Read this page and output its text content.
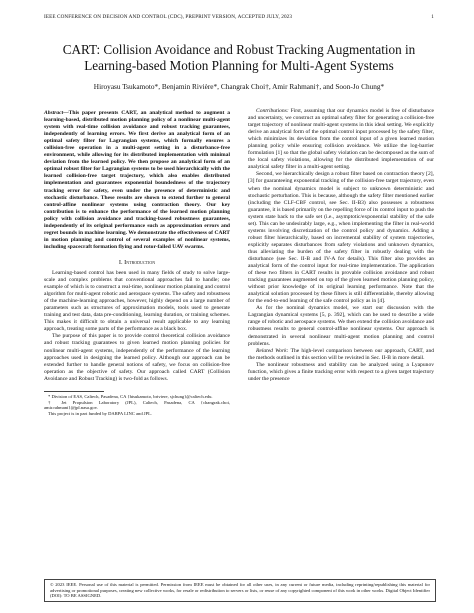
IEEE CONFERENCE ON DECISION AND CONTROL (CDC), PREPRINT VERSION, ACCEPTED JULY, 2023	1
CART: Collision Avoidance and Robust Tracking Augmentation in
Learning-based Motion Planning for Multi-Agent Systems
Hiroyasu Tsukamoto*, Benjamin Rivière*, Changrak Choi†, Amir Rahmani†, and Soon-Jo Chung*

Abstract—This paper presents CART, an analytical method to augment a learning-based, distributed motion planning policy of a nonlinear multi-agent system with real-time collision avoidance and robust tracking guarantees, independently of learning errors. We first derive an analytical form of an optimal safety filter for Lagrangian systems, which formally ensures a collision-free operation in a multi-agent setting in a disturbance-free environment, while allowing for its distributed implementation with minimal deviation from the learned policy. We then propose an analytical form of an optimal robust filter for Lagrangian systems to be used hierarchically with the learned collision-free target trajectory, which also enables distributed implementation and guarantees exponential boundedness of the trajectory tracking error for safety, even under the presence of deterministic and stochastic disturbance. These results are shown to extend further to general control-affine nonlinear systems using contraction theory. Our key contribution is to enhance the performance of the learned motion planning policy with collision avoidance and tracking-based robustness guarantees, independently of its original performance such as approximation errors and regret bounds in machine learning. We demonstrate the effectiveness of CART in motion planning and control of several examples of nonlinear systems, including spacecraft formation flying and rotor-failed UAV swarms.

I. Introduction

Learning-based control has been used in many fields of study to solve large-scale and complex problems that conventional approaches fail to handle; one example of which is to construct a real-time, nonlinear motion planning and control algorithm for multi-agent robotic and aerospace systems. The safety and robustness of the machine-learning approaches, however, highly depend on a large number of parameters such as structures of approximation models, tools used to generate training and test data, data pre-conditioning, learning duration, or training schemes. This makes it difficult to obtain a universal result applicable to any learning approach, treating some parts of the performance as a black box.

The purpose of this paper is to provide control theoretical collision avoidance and robust tracking guarantees to given learned motion planning policies for nonlinear multi-agent systems, independently of the performance of the learning approaches used in designing the learned policy. Although our approach can be extended further to handle general notions of safety, we focus on collision-free operation as the objective of safety. Our approach called CART (Collision Avoidance and Robust Tracking) is two-fold as follows.

* Division of EAS, Caltech, Pasadena, CA {htsukamoto, briviere, sjchung}@caltech.edu.

† Jet Propulsion Laboratory (JPL), Caltech, Pasadena, CA {changrak.choi, amir.rahmani}@jpl.nasa.gov.

This project is in part funded by DARPA LINC and JPL.

Contributions: First, assuming that our dynamics model is free of disturbance and uncertainty, we construct an optimal safety filter for generating a collision-free target trajectory of nonlinear multi-agent systems in this ideal setting. We explicitly derive an analytical form of the optimal control input processed by the safety filter, which minimizes its deviation from the control input of a given learned motion planning policy while ensuring collision avoidance. We utilize the log-barrier formulation [1] so that the global safety violation can be decomposed as the sum of the local safety violations, allowing for the distributed implementation of our analytical safety filter in a multi-agent setting.

Second, we hierarchically design a robust filter based on contraction theory [2], [3] for guaranteeing exponential tracking of the collision-free target trajectory, even when the nominal dynamics model is subject to unknown deterministic and stochastic perturbation. This is because, although the safety filter mentioned earlier (including the CLF-CBF control, see Sec. II-B3) also possesses a robustness guarantee, it is based primarily on the repelling force of its control input to push the system state back to the safe set (i.e., asymptotic/exponential stability of the safe set). This can be undesirably large, e.g., when implementing the filter in real-world systems involving discretization of the control policy and dynamics. Adding a robust filter hierarchically, based on incremental stability of system trajectories, explicitly separates disturbances from safety violations and unknown dynamics, thus alleviating the burden of the safety filter in robustly dealing with the disturbance (see Sec. II-B and IV-A for details). This filter also provides an analytical form of the control input for real-time implementation. The application of these two filters in CART results in provable collision avoidance and robust tracking guarantees augmented on top of the given learned motion planning policy, without prior knowledge of its original learning performance. Note that the analytical solution processed by these filters is still differentiable, thereby allowing for the end-to-end learning of the safe control policy as in [4].

As for the nominal dynamics model, we start our discussion with the Lagrangian dynamical systems [5, p. 392], which can be used to describe a wide range of robotic and aerospace systems. We then extend the collision avoidance and robustness results to general control-affine nonlinear systems. Our approach is demonstrated in several nonlinear multi-agent motion planning and control problems.

Related Work: The high-level comparison between our approach, CART, and the methods outlined in this section will be revisited in Sec. II-B in more detail.

The nonlinear robustness and stability can be analyzed using a Lyapunov function, which gives a finite tracking error with respect to a given target trajectory under the presence

© 2023 IEEE. Personal use of this material is permitted. Permission from IEEE must be obtained for all other uses, in any current or future media, including reprinting/republishing this material for advertising or promotional purposes, creating new collective works, for resale or redistribution to servers or lists, or reuse of any copyrighted component of this work in other works. Digital Object Identifier (DOI): TO BE ASSIGNED.
